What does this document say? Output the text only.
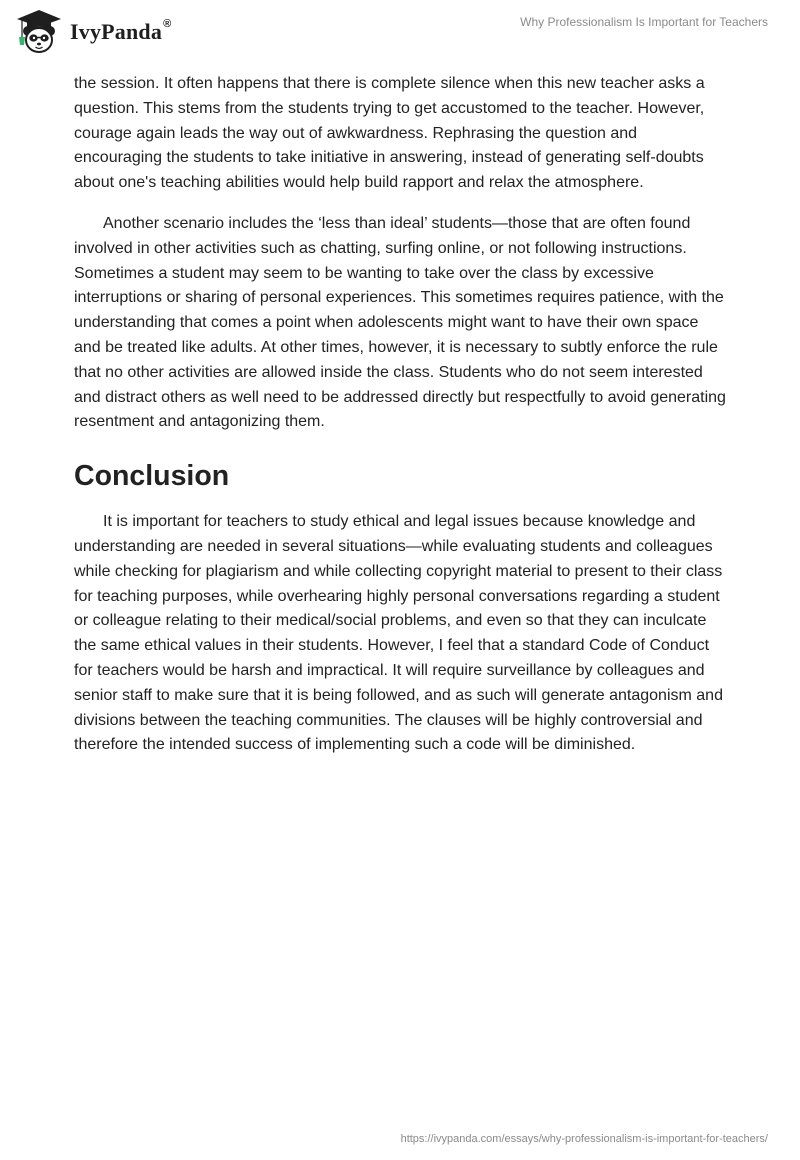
IvyPanda®	Why Professionalism Is Important for Teachers

the session. It often happens that there is complete silence when this new teacher asks a question. This stems from the students trying to get accustomed to the teacher. However, courage again leads the way out of awkwardness. Rephrasing the question and encouraging the students to take initiative in answering, instead of generating self-doubts about one's teaching abilities would help build rapport and relax the atmosphere.

Another scenario includes the ‘less than ideal’ students—those that are often found involved in other activities such as chatting, surfing online, or not following instructions. Sometimes a student may seem to be wanting to take over the class by excessive interruptions or sharing of personal experiences. This sometimes requires patience, with the understanding that comes a point when adolescents might want to have their own space and be treated like adults. At other times, however, it is necessary to subtly enforce the rule that no other activities are allowed inside the class. Students who do not seem interested and distract others as well need to be addressed directly but respectfully to avoid generating resentment and antagonizing them.

Conclusion

It is important for teachers to study ethical and legal issues because knowledge and understanding are needed in several situations—while evaluating students and colleagues while checking for plagiarism and while collecting copyright material to present to their class for teaching purposes, while overhearing highly personal conversations regarding a student or colleague relating to their medical/social problems, and even so that they can inculcate the same ethical values in their students. However, I feel that a standard Code of Conduct for teachers would be harsh and impractical. It will require surveillance by colleagues and senior staff to make sure that it is being followed, and as such will generate antagonism and divisions between the teaching communities. The clauses will be highly controversial and therefore the intended success of implementing such a code will be diminished.

https://ivypanda.com/essays/why-professionalism-is-important-for-teachers/
